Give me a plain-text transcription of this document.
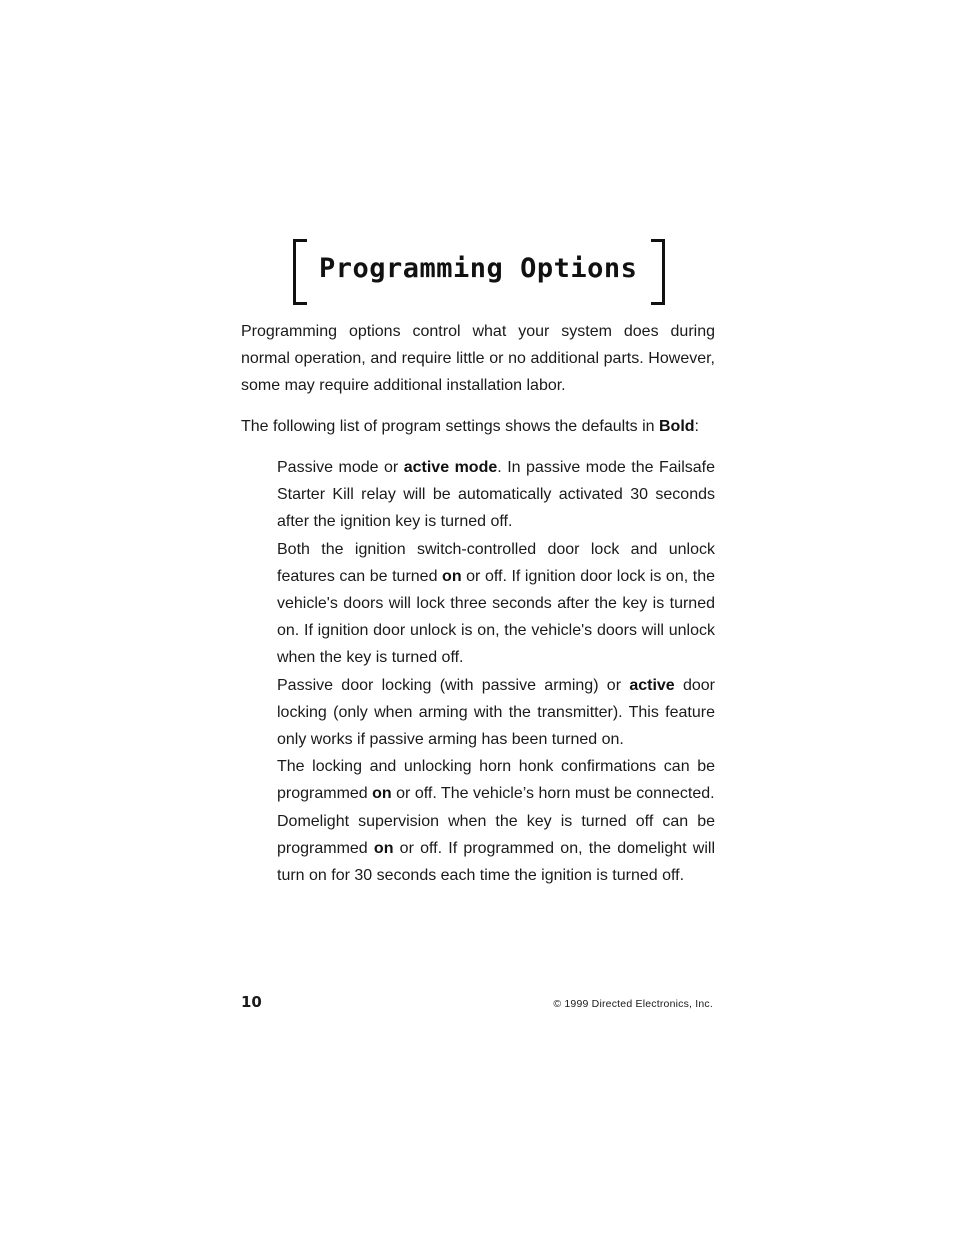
Programming Options

Programming options control what your system does during normal operation, and require little or no additional parts. However, some may require additional installation labor.

The following list of program settings shows the defaults in Bold:

Passive mode or active mode. In passive mode the Failsafe Starter Kill relay will be automatically activated 30 seconds after the ignition key is turned off.
Both the ignition switch-controlled door lock and unlock features can be turned on or off. If ignition door lock is on, the vehicle's doors will lock three seconds after the key is turned on. If ignition door unlock is on, the vehicle's doors will unlock when the key is turned off.
Passive door locking (with passive arming) or active door locking (only when arming with the transmitter). This feature only works if passive arming has been turned on.
The locking and unlocking horn honk confirmations can be programmed on or off. The vehicle’s horn must be connected.
Domelight supervision when the key is turned off can be programmed on or off. If programmed on, the domelight will turn on for 30 seconds each time the ignition is turned off.
10	© 1999 Directed Electronics, Inc.
